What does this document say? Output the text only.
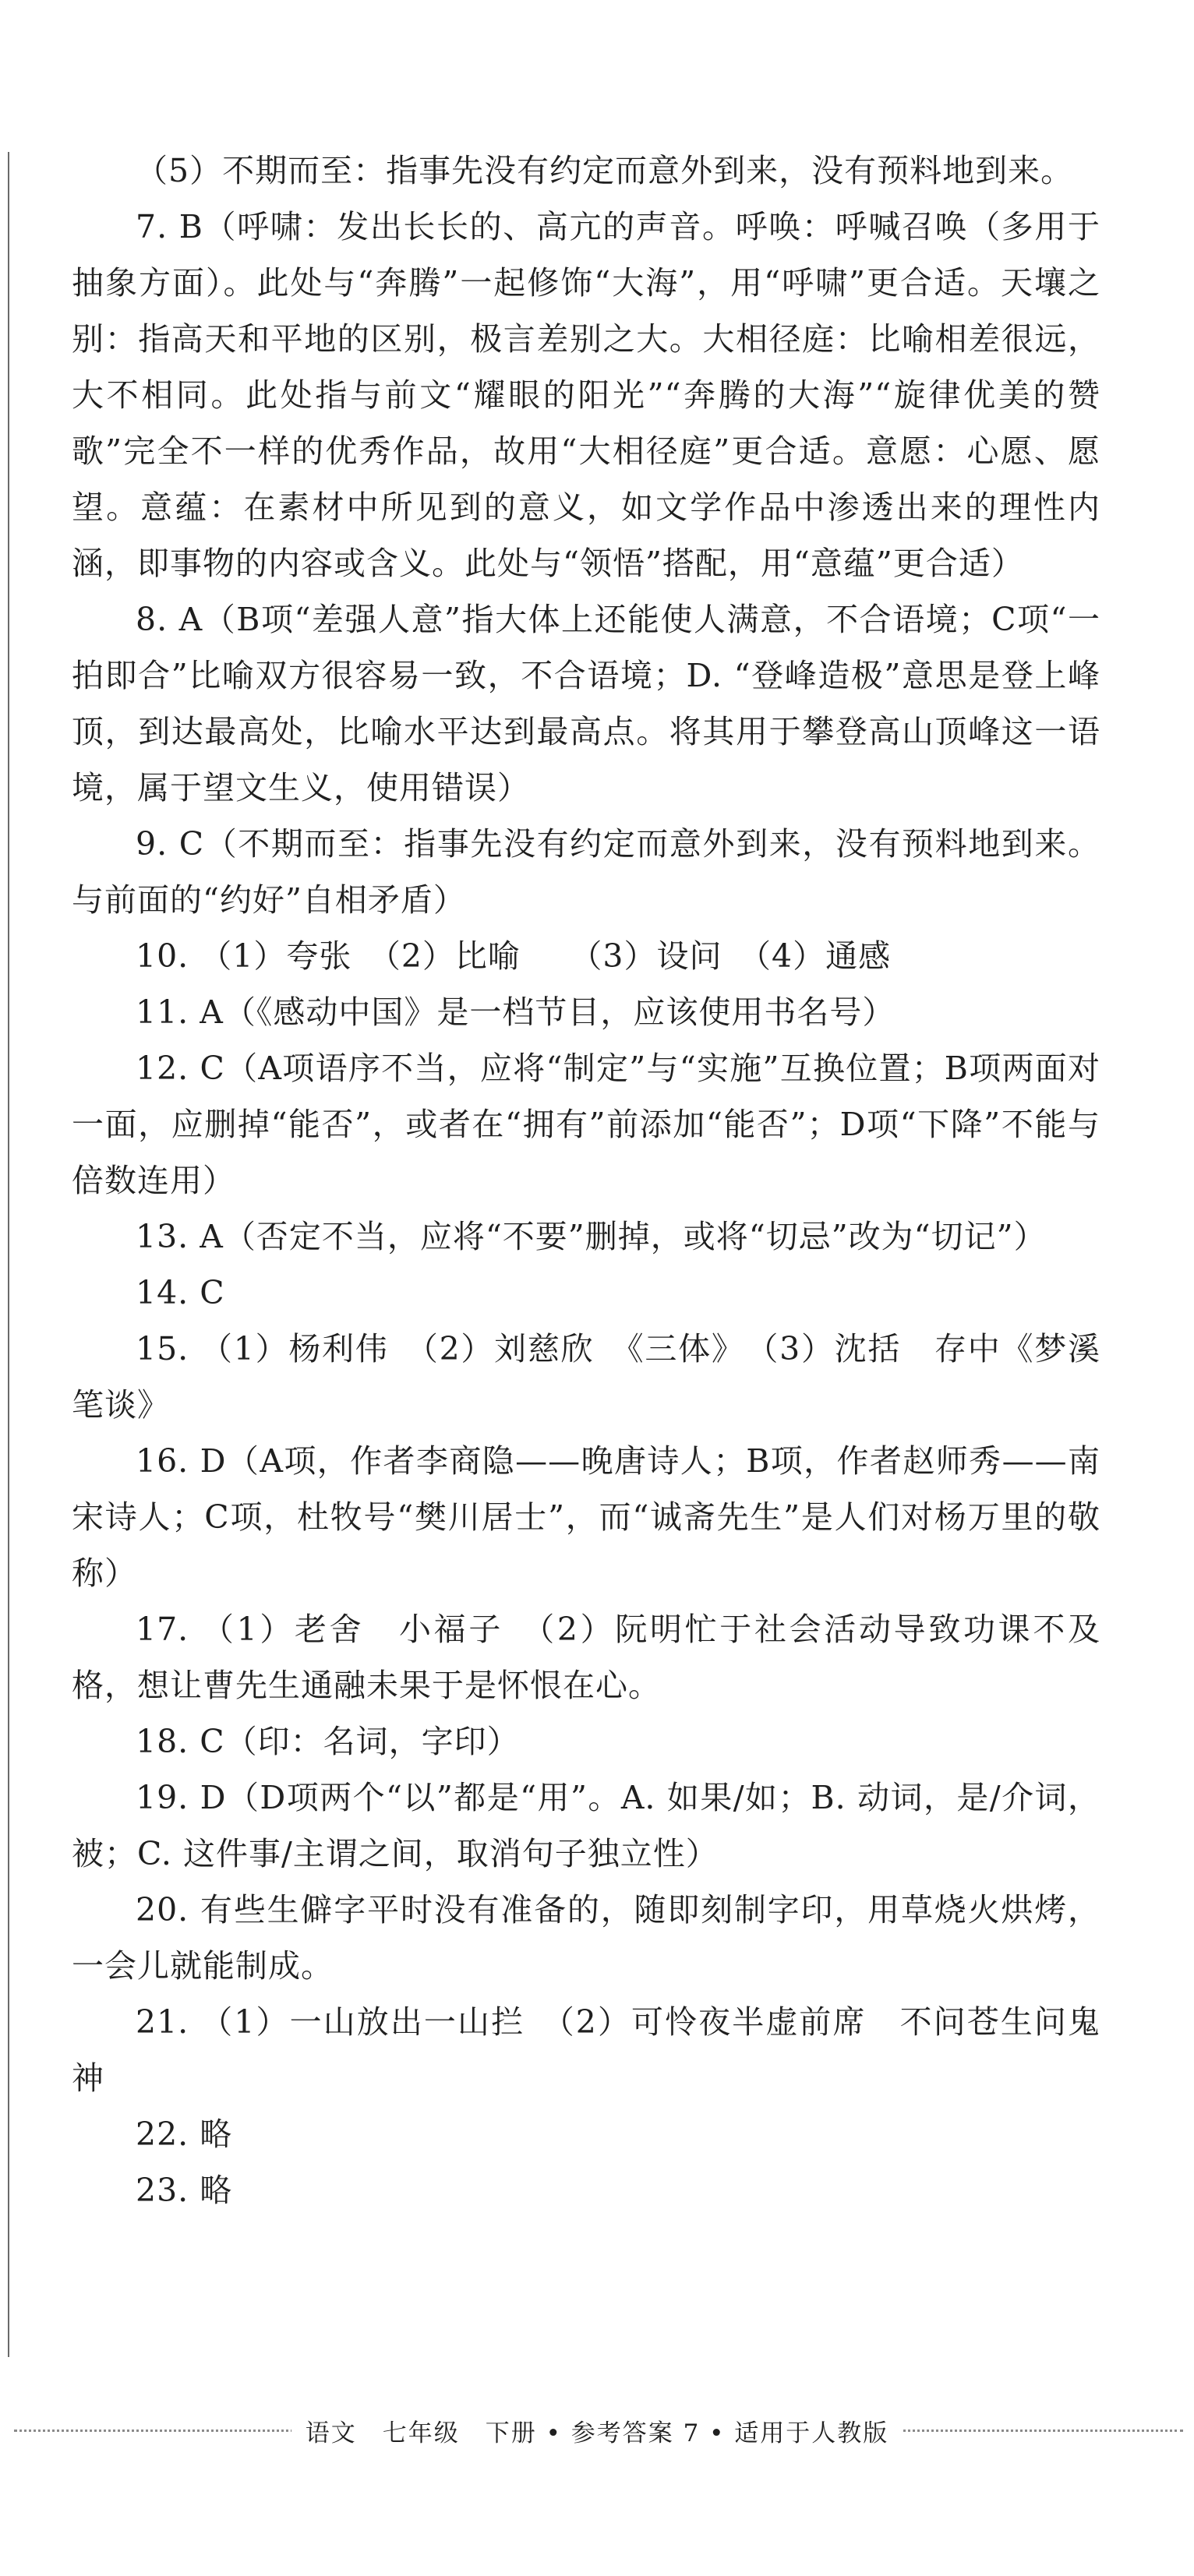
（5）不期而至：指事先没有约定而意外到来，没有预料地到来。

7. B（呼啸：发出长长的、高亢的声音。呼唤：呼喊召唤（多用于抽象方面）。此处与“奔腾”一起修饰“大海”，用“呼啸”更合适。天壤之别：指高天和平地的区别，极言差别之大。大相径庭：比喻相差很远，大不相同。此处指与前文“耀眼的阳光”“奔腾的大海”“旋律优美的赞歌”完全不一样的优秀作品，故用“大相径庭”更合适。意愿：心愿、愿望。意蕴：在素材中所见到的意义，如文学作品中渗透出来的理性内涵，即事物的内容或含义。此处与“领悟”搭配，用“意蕴”更合适）

8. A（B项“差强人意”指大体上还能使人满意，不合语境；C项“一拍即合”比喻双方很容易一致，不合语境；D. “登峰造极”意思是登上峰顶，到达最高处，比喻水平达到最高点。将其用于攀登高山顶峰这一语境，属于望文生义，使用错误）

9. C（不期而至：指事先没有约定而意外到来，没有预料地到来。与前面的“约好”自相矛盾）

10. （1）夸张　（2）比喻　　（3）设问　（4）通感

11. A（《感动中国》是一档节目，应该使用书名号）

12. C（A项语序不当，应将“制定”与“实施”互换位置；B项两面对一面，应删掉“能否”，或者在“拥有”前添加“能否”；D项“下降”不能与倍数连用）

13. A（否定不当，应将“不要”删掉，或将“切忌”改为“切记”）

14. C

15. （1）杨利伟　（2）刘慈欣　《三体》　（3）沈括　存中《梦溪笔谈》

16. D（A项，作者李商隐——晚唐诗人；B项，作者赵师秀——南宋诗人；C项，杜牧号“樊川居士”，而“诚斋先生”是人们对杨万里的敬称）

17. （1）老舍　小福子　（2）阮明忙于社会活动导致功课不及格，想让曹先生通融未果于是怀恨在心。

18. C（印：名词，字印）

19. D（D项两个“以”都是“用”。A. 如果/如；B. 动词，是/介词，被；C. 这件事/主谓之间，取消句子独立性）

20. 有些生僻字平时没有准备的，随即刻制字印，用草烧火烘烤，一会儿就能制成。

21. （1）一山放出一山拦　（2）可怜夜半虚前席　不问苍生问鬼神

22. 略

23. 略

语文　七年级　下册 • 参考答案 7 • 适用于人教版
